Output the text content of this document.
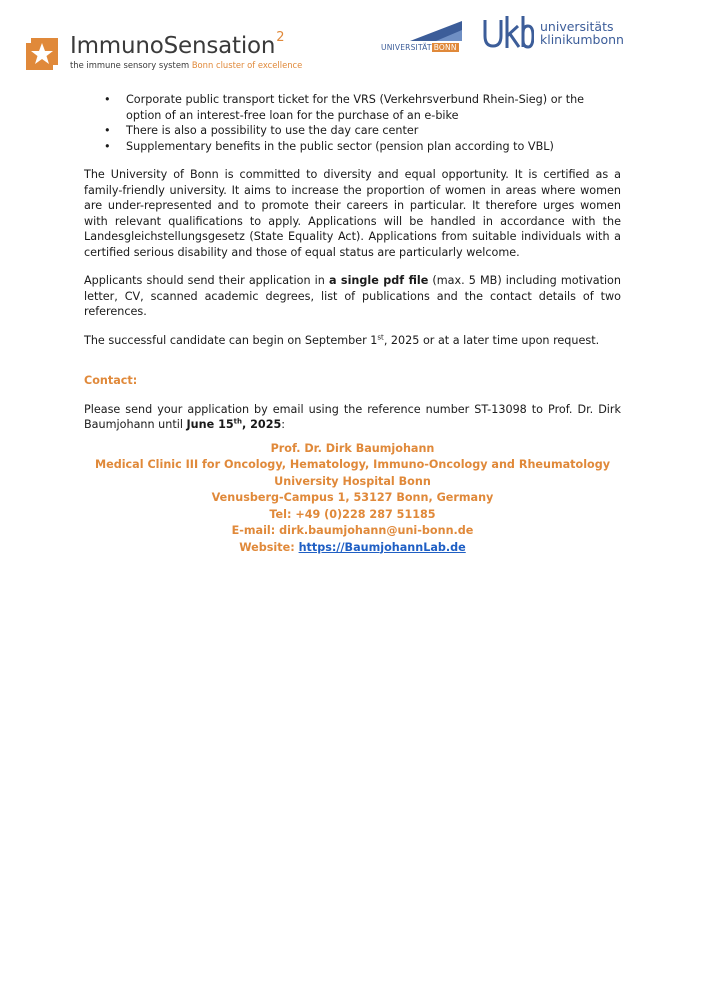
ImmunoSensation$^2$
the immune sensory system Bonn cluster of excellence
UNIVERSITÄT BONN
universitäts
klinikumbonn
• Corporate public transport ticket for the VRS (Verkehrsverbund Rhein-Sieg) or the option of an interest-free loan for the purchase of an e-bike
• There is also a possibility to use the day care center
• Supplementary benefits in the public sector (pension plan according to VBL)

The University of Bonn is committed to diversity and equal opportunity. It is certified as a family-friendly university. It aims to increase the proportion of women in areas where women are under-represented and to promote their careers in particular. It therefore urges women with relevant qualifications to apply. Applications will be handled in accordance with the Landesgleichstellungsgesetz (State Equality Act). Applications from suitable individuals with a certified serious disability and those of equal status are particularly welcome.

Applicants should send their application in a single pdf file (max. 5 MB) including motivation letter, CV, scanned academic degrees, list of publications and the contact details of two references.

The successful candidate can begin on September 1st, 2025 or at a later time upon request.

Contact:

Please send your application by email using the reference number ST-13098 to Prof. Dr. Dirk Baumjohann until June 15th, 2025:

Prof. Dr. Dirk Baumjohann
Medical Clinic III for Oncology, Hematology, Immuno-Oncology and Rheumatology
University Hospital Bonn
Venusberg-Campus 1, 53127 Bonn, Germany
Tel: +49 (0)228 287 51185
E-mail: dirk.baumjohann@uni-bonn.de
Website: https://BaumjohannLab.de
